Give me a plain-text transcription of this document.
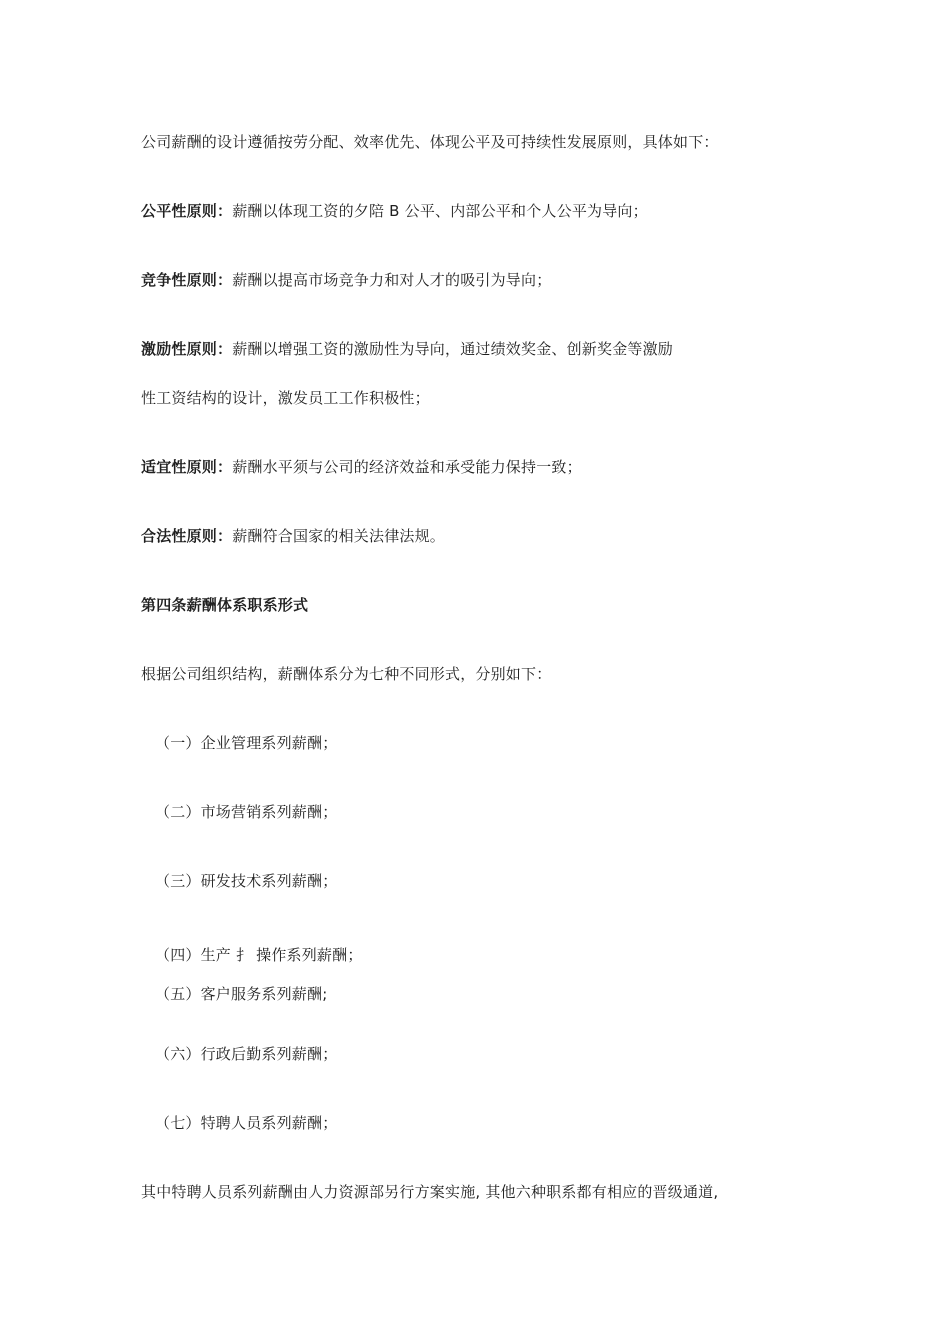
公司薪酬的设计遵循按劳分配、效率优先、体现公平及可持续性发展原则，具体如下：
公平性原则：薪酬以体现工资的夕陪 B 公平、内部公平和个人公平为导向；
竞争性原则：薪酬以提高市场竞争力和对人才的吸引为导向；
激励性原则：薪酬以增强工资的激励性为导向，通过绩效奖金、创新奖金等激励
性工资结构的设计，激发员工工作积极性；
适宜性原则：薪酬水平须与公司的经济效益和承受能力保持一致；
合法性原则：薪酬符合国家的相关法律法规。
第四条薪酬体系职系形式
根据公司组织结构，薪酬体系分为七种不同形式，分别如下：
（一）企业管理系列薪酬；
（二）市场营销系列薪酬；
（三）研发技术系列薪酬；
（四）生产 扌 操作系列薪酬；
（五）客户服务系列薪酬;
（六）行政后勤系列薪酬；
（七）特聘人员系列薪酬；
其中特聘人员系列薪酬由人力资源部另行方案实施, 其他六种职系都有相应的晋级通道,
